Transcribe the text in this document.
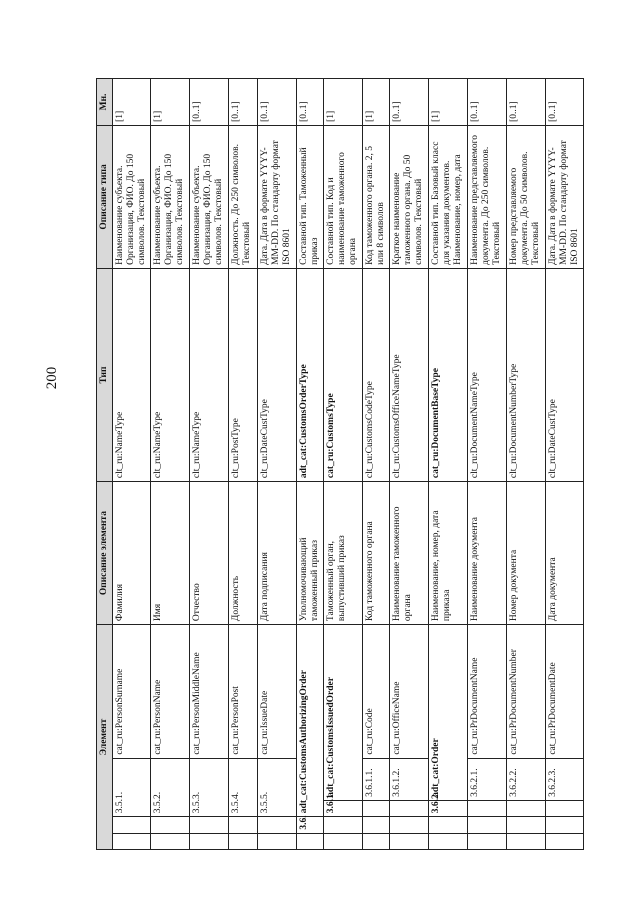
200
Элемент					Описание элемента	Тип	Описание типа	Мн.
		3.5.1.		cat_ru:PersonSurname	Фамилия	clt_ru:NameType	Наименование субъекта. Организация, ФИО. До 150 символов. Текстовый	[1]
		3.5.2.		cat_ru:PersonName	Имя	clt_ru:NameType	Наименование субъекта. Организация, ФИО. До 150 символов. Текстовый	[1]
		3.5.3.		cat_ru:PersonMiddleName	Отчество	clt_ru:NameType	Наименование субъекта. Организация, ФИО. До 150 символов. Текстовый	[0..1]
		3.5.4.		cat_ru:PersonPost	Должность	clt_ru:PostType	Должность. До 250 символов. Текстовый	[0..1]
		3.5.5.		cat_ru:IssueDate	Дата подписания	clt_ru:DateCustType	Дата. Дата в формате YYYY-MM-DD. По стандарту формат ISO 8601	[0..1]
	3.6.	adt_cat:CustomsAuthorizingOrder			Уполномочивающий таможенный приказ	adt_cat:CustomsOrderType	Составной тип. Таможенный приказ	[0..1]
		3.6.1.	adt_cat:CustomsIssuedOrder		Таможенный орган, выпустивший приказ	cat_ru:CustomsType	Составной тип. Код и наименование таможенного органа	[1]
			3.6.1.1.	cat_ru:Code	Код таможенного органа	clt_ru:CustomsCodeType	Код таможенного органа. 2, 5 или 8 символов	[1]
			3.6.1.2.	cat_ru:OfficeName	Наименование таможенного органа	clt_ru:CustomsOfficeNameType	Краткое наименование таможенного органа. До 50 символов. Текстовый	[0..1]
		3.6.2.	adt_cat:Order		Наименование, номер, дата приказа	cat_ru:DocumentBaseType	Составной тип. Базовый класс для указания документов. Наименование, номер, дата	[1]
			3.6.2.1.	cat_ru:PrDocumentName	Наименование документа	clt_ru:DocumentNameType	Наименование представляемого документа. До 250 символов. Текстовый	[0..1]
			3.6.2.2.	cat_ru:PrDocumentNumber	Номер документа	clt_ru:DocumentNumberType	Номер представляемого документа. До 50 символов. Текстовый	[0..1]
			3.6.2.3.	cat_ru:PrDocumentDate	Дата документа	clt_ru:DateCustType	Дата. Дата в формате YYYY-MM-DD. По стандарту формат ISO 8601	[0..1]
